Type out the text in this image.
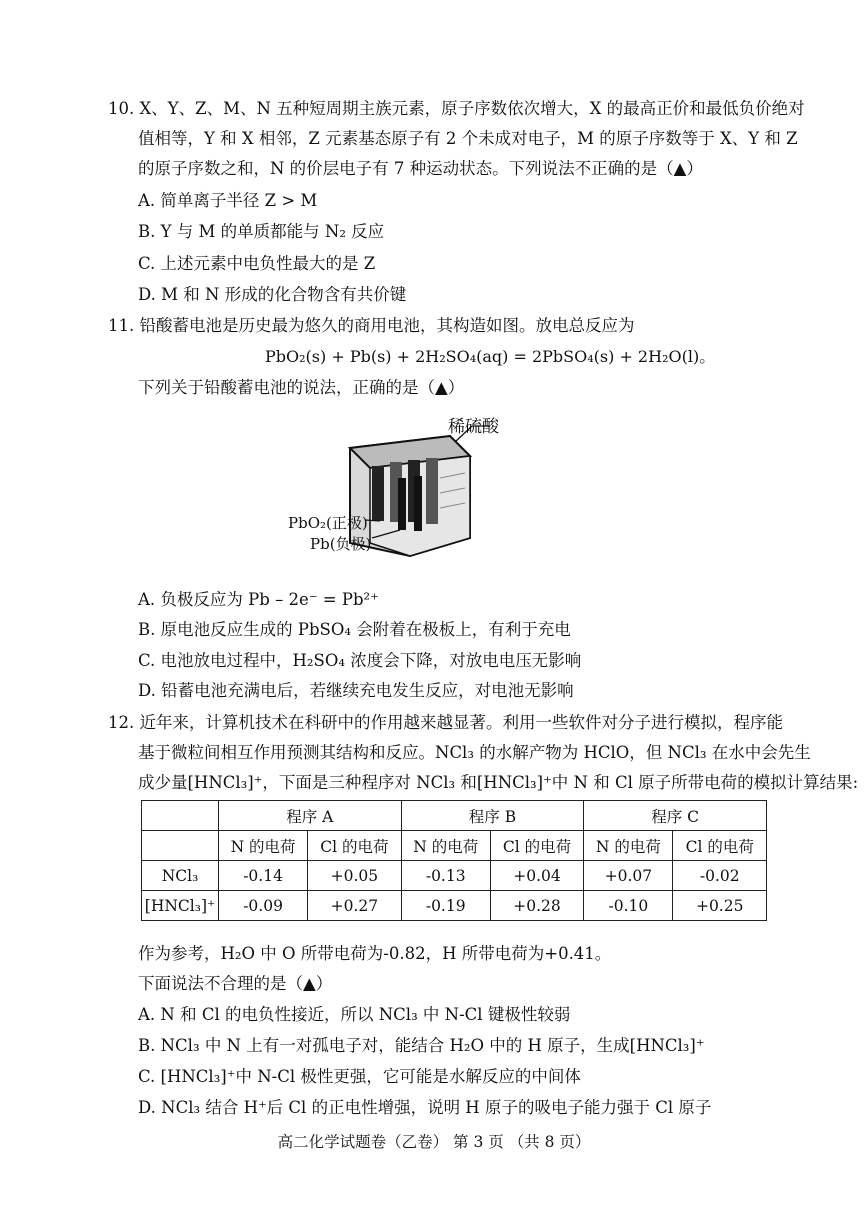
10. X、Y、Z、M、N 五种短周期主族元素，原子序数依次增大，X 的最高正价和最低负价绝对
值相等，Y 和 X 相邻，Z 元素基态原子有 2 个未成对电子，M 的原子序数等于 X、Y 和 Z
的原子序数之和，N 的价层电子有 7 种运动状态。下列说法不正确的是（▲）
A. 简单离子半径 Z > M
B. Y 与 M 的单质都能与 N₂ 反应
C. 上述元素中电负性最大的是 Z
D. M 和 N 形成的化合物含有共价键
11. 铅酸蓄电池是历史最为悠久的商用电池，其构造如图。放电总反应为
PbO₂(s) + Pb(s) + 2H₂SO₄(aq) = 2PbSO₄(s) + 2H₂O(l)。
下列关于铅酸蓄电池的说法，正确的是（▲）
稀硫酸
PbO₂(正极)
Pb(负极)
A. 负极反应为 Pb – 2e⁻ = Pb²⁺
B. 原电池反应生成的 PbSO₄ 会附着在极板上，有利于充电
C. 电池放电过程中，H₂SO₄ 浓度会下降，对放电电压无影响
D. 铅蓄电池充满电后，若继续充电发生反应，对电池无影响
12. 近年来，计算机技术在科研中的作用越来越显著。利用一些软件对分子进行模拟，程序能
基于微粒间相互作用预测其结构和反应。NCl₃ 的水解产物为 HClO，但 NCl₃ 在水中会先生
成少量[HNCl₃]⁺，下面是三种程序对 NCl₃ 和[HNCl₃]⁺中 N 和 Cl 原子所带电荷的模拟计算结果:
	程序 A		程序 B		程序 C	
	N 的电荷	Cl 的电荷	N 的电荷	Cl 的电荷	N 的电荷	Cl 的电荷
NCl₃	-0.14	+0.05	-0.13	+0.04	+0.07	-0.02
[HNCl₃]⁺	-0.09	+0.27	-0.19	+0.28	-0.10	+0.25
作为参考，H₂O 中 O 所带电荷为-0.82，H 所带电荷为+0.41。
下面说法不合理的是（▲）
A. N 和 Cl 的电负性接近，所以 NCl₃ 中 N-Cl 键极性较弱
B. NCl₃ 中 N 上有一对孤电子对，能结合 H₂O 中的 H 原子，生成[HNCl₃]⁺
C. [HNCl₃]⁺中 N-Cl 极性更强，它可能是水解反应的中间体
D. NCl₃ 结合 H⁺后 Cl 的正电性增强，说明 H 原子的吸电子能力强于 Cl 原子
高二化学试题卷（乙卷） 第 3 页 （共 8 页）
